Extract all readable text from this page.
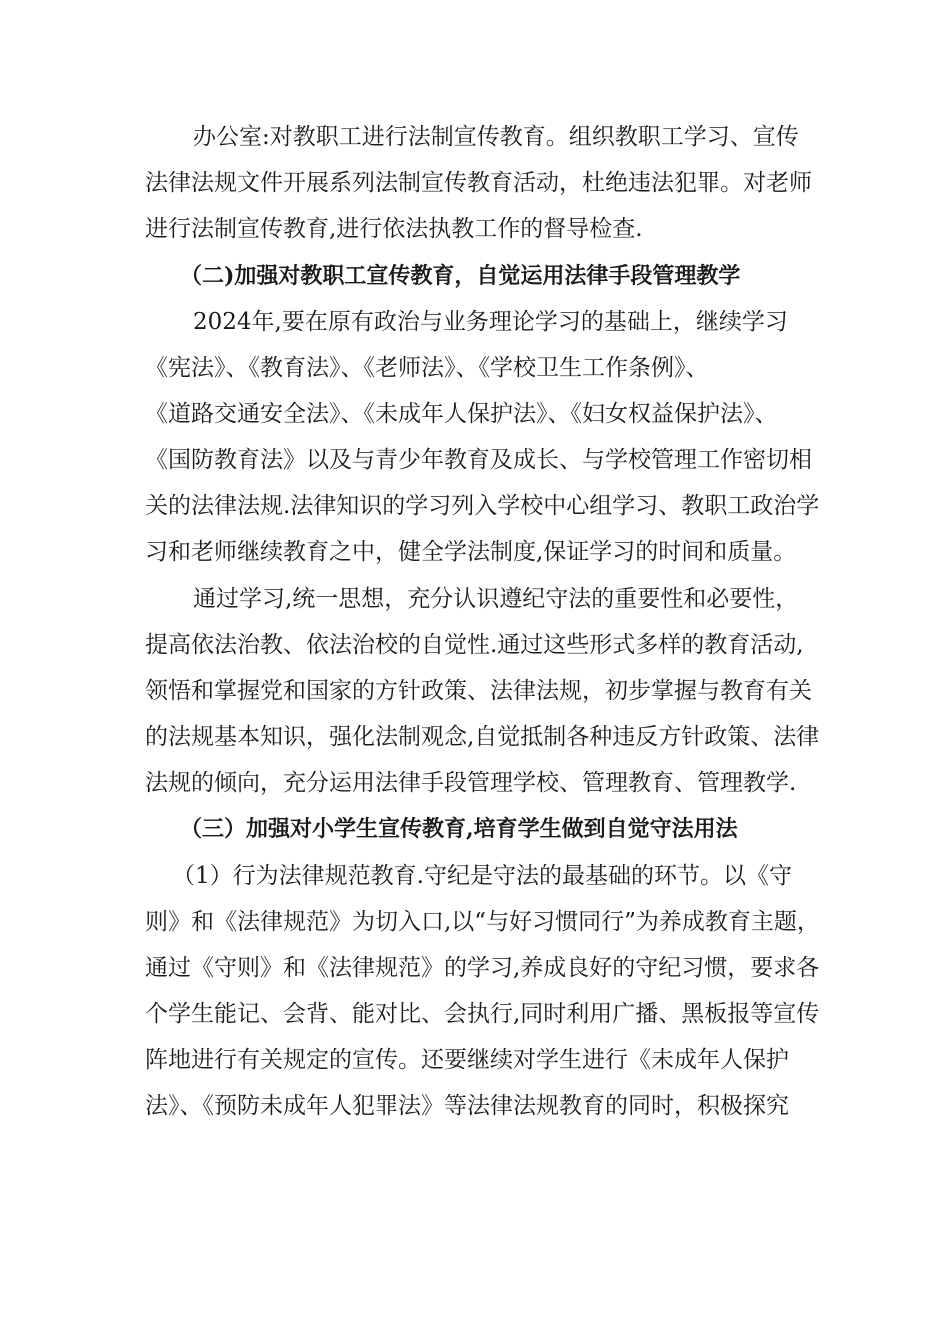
办公室:对教职工进行法制宣传教育。组织教职工学习、宣传
法律法规文件开展系列法制宣传教育活动，杜绝违法犯罪。对老师
进行法制宣传教育,进行依法执教工作的督导检查.
（二)加强对教职工宣传教育，自觉运用法律手段管理教学
2024年,要在原有政治与业务理论学习的基础上，继续学习
《宪法》、《教育法》、《老师法》、《学校卫生工作条例》、
《道路交通安全法》、《未成年人保护法》、《妇女权益保护法》、
《国防教育法》以及与青少年教育及成长、与学校管理工作密切相
关的法律法规.法律知识的学习列入学校中心组学习、教职工政治学
习和老师继续教育之中，健全学法制度,保证学习的时间和质量。
通过学习,统一思想，充分认识遵纪守法的重要性和必要性，
提高依法治教、依法治校的自觉性.通过这些形式多样的教育活动,
领悟和掌握党和国家的方针政策、法律法规，初步掌握与教育有关
的法规基本知识，强化法制观念,自觉抵制各种违反方针政策、法律
法规的倾向，充分运用法律手段管理学校、管理教育、管理教学.
（三）加强对小学生宣传教育,培育学生做到自觉守法用法
（1）行为法律规范教育.守纪是守法的最基础的环节。以《守
则》和《法律规范》为切入口,以“与好习惯同行”为养成教育主题，
通过《守则》和《法律规范》的学习,养成良好的守纪习惯，要求各
个学生能记、会背、能对比、会执行,同时利用广播、黑板报等宣传
阵地进行有关规定的宣传。还要继续对学生进行《未成年人保护
法》、《预防未成年人犯罪法》等法律法规教育的同时，积极探究
